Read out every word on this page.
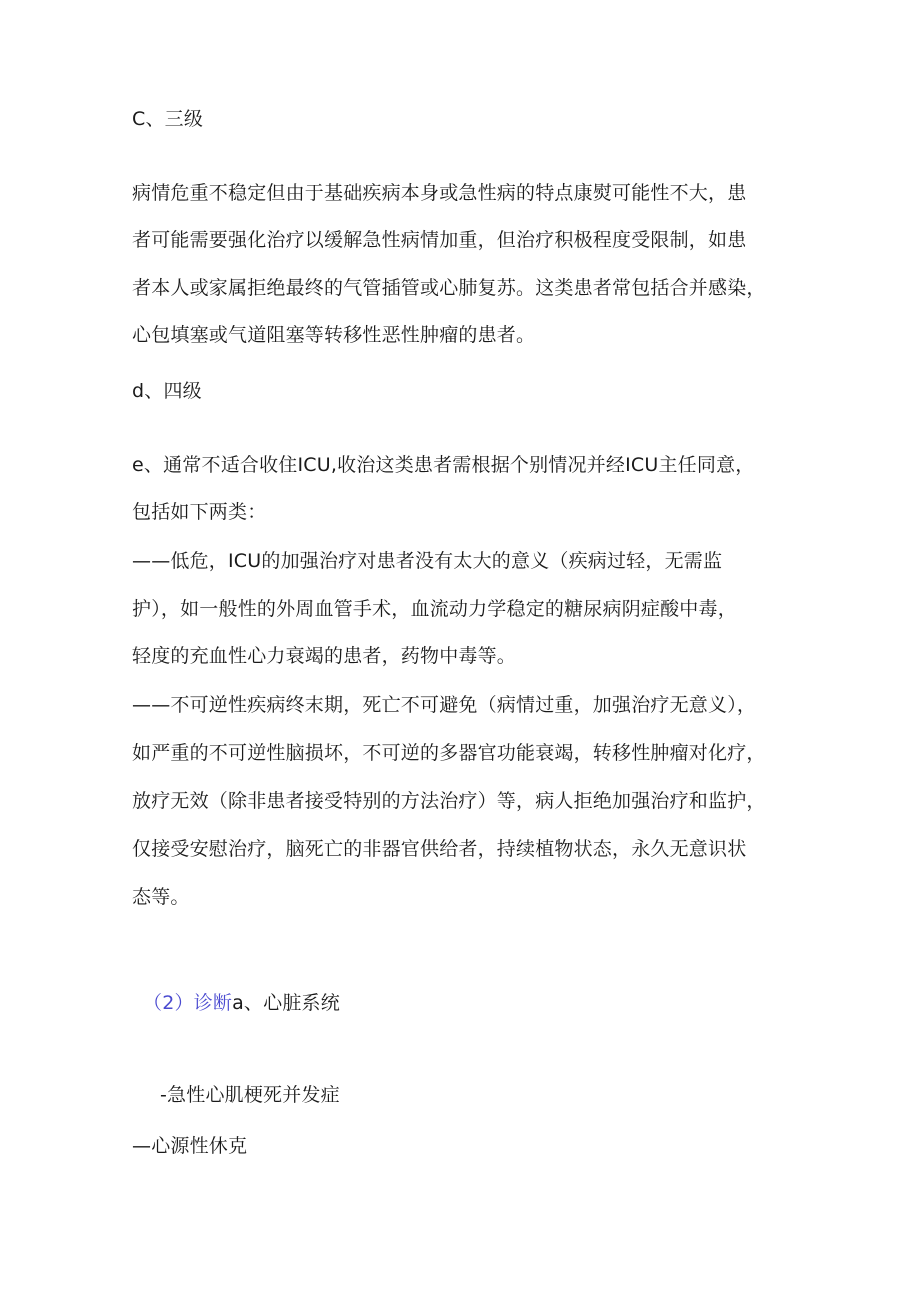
C、三级
病情危重不稳定但由于基础疾病本身或急性病的特点康熨可能性不大，患
者可能需要强化治疗以缓解急性病情加重，但治疗积极程度受限制，如患
者本人或家属拒绝最终的气管插管或心肺复苏。这类患者常包括合并感染，
心包填塞或气道阻塞等转移性恶性肿瘤的患者。
d、四级
e、通常不适合收住ICU,收治这类患者需根据个别情况并经ICU主任同意，
包括如下两类：
——低危，ICU的加强治疗对患者没有太大的意义（疾病过轻，无需监
护），如一般性的外周血管手术，血流动力学稳定的糖尿病阴症酸中毒，
轻度的充血性心力衰竭的患者，药物中毒等。
——不可逆性疾病终末期，死亡不可避免（病情过重，加强治疗无意义），
如严重的不可逆性脑损坏，不可逆的多器官功能衰竭，转移性肿瘤对化疗，
放疗无效（除非患者接受特别的方法治疗）等，病人拒绝加强治疗和监护，
仅接受安慰治疗，脑死亡的非器官供给者，持续植物状态，永久无意识状
态等。
（2）诊断a、心脏系统
-急性心肌梗死并发症
—心源性休克
